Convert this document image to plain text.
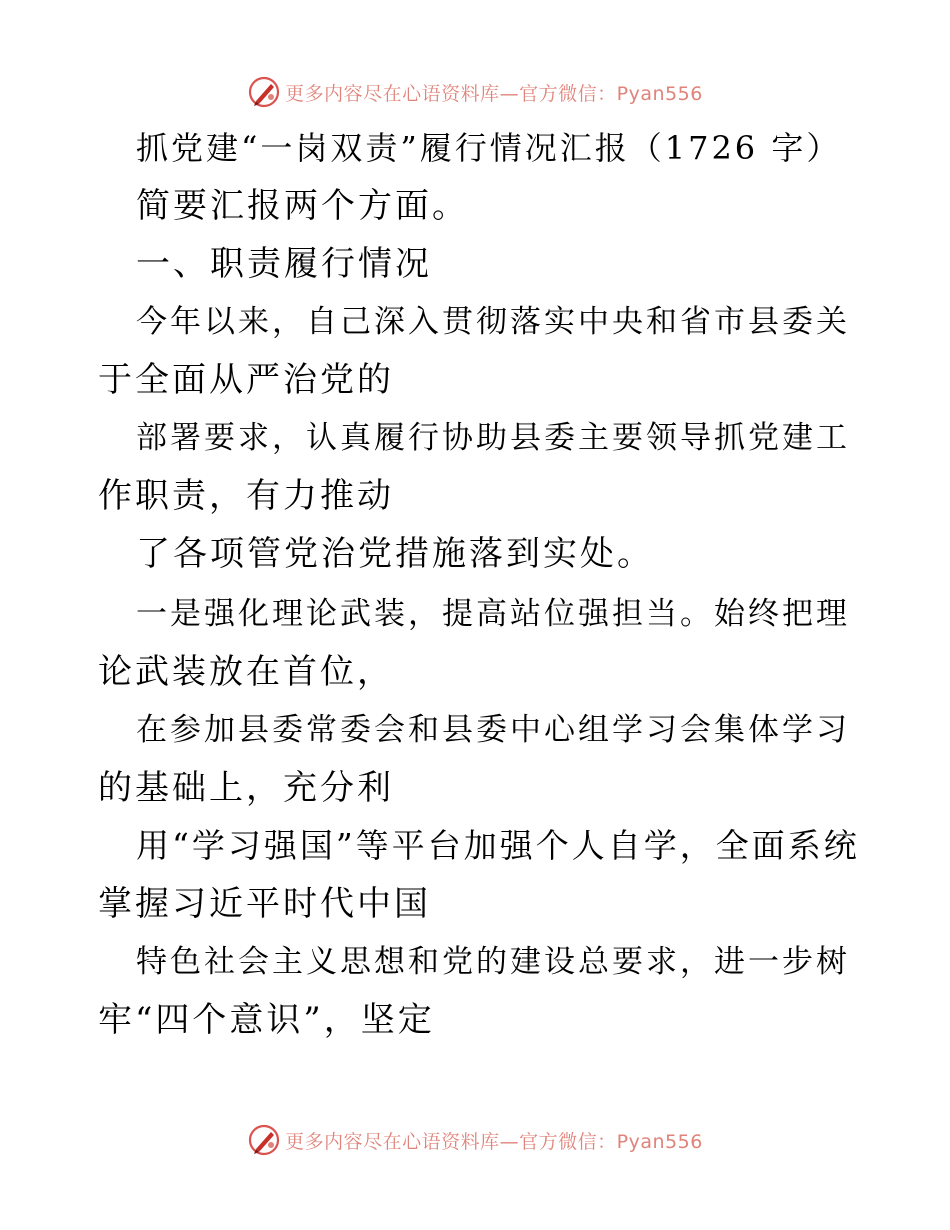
更多内容尽在心语资料库—官方微信：Pyan556
抓党建“一岗双责”履行情况汇报（1726 字）
简要汇报两个方面。
一、职责履行情况
今年以来，自己深入贯彻落实中央和省市县委关
于全面从严治党的
部署要求，认真履行协助县委主要领导抓党建工
作职责，有力推动
了各项管党治党措施落到实处。
一是强化理论武装，提高站位强担当。始终把理
论武装放在首位，
在参加县委常委会和县委中心组学习会集体学习
的基础上，充分利
用“学习强国”等平台加强个人自学，全面系统
掌握习近平时代中国
特色社会主义思想和党的建设总要求，进一步树
牢“四个意识”，坚定
更多内容尽在心语资料库—官方微信：Pyan556
